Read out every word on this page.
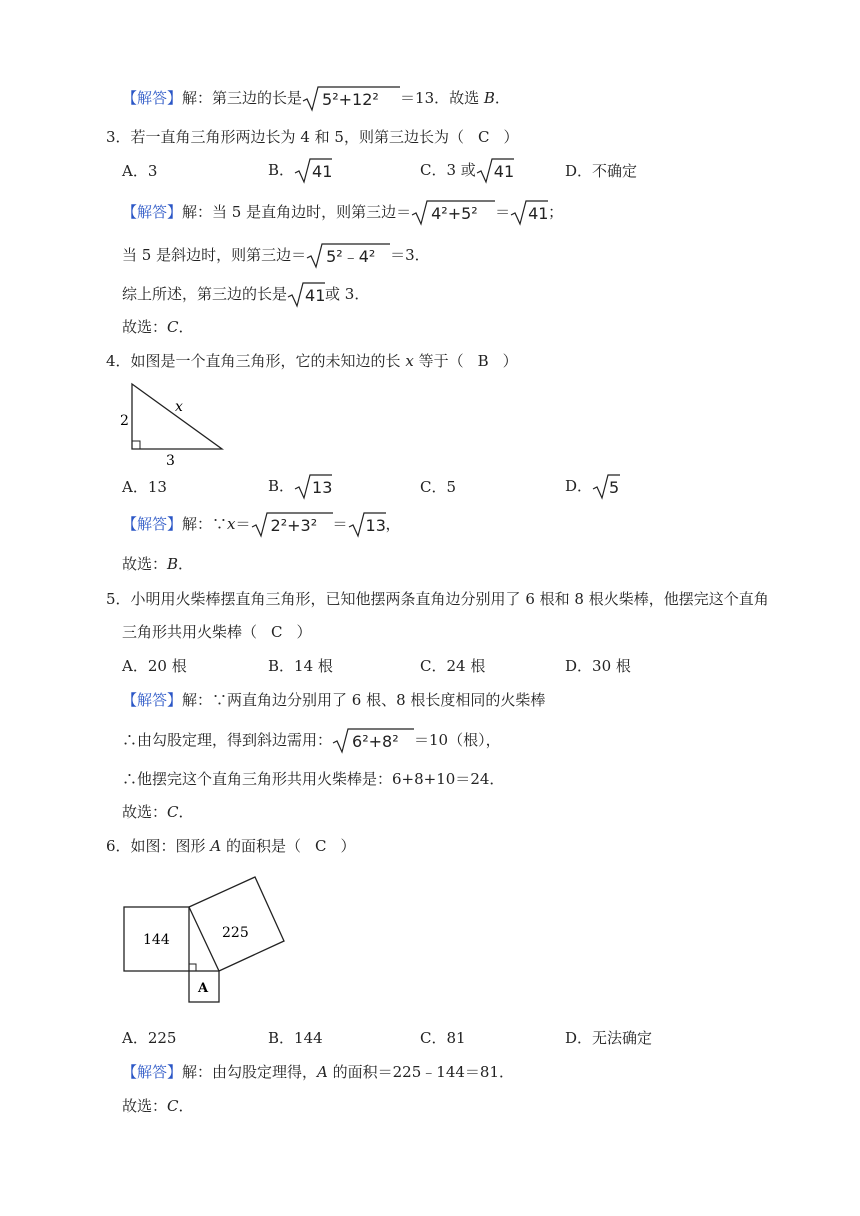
【解答】解：第三边的长是 5²+12² ＝13．故选 B．
3．若一直角三角形两边长为 4 和 5，则第三边长为（ C ）
A．3	B． 41	C．3 或 41	D．不确定
【解答】解：当 5 是直角边时，则第三边＝ 4²+5² ＝ 41 ；
当 5 是斜边时，则第三边＝ 5²﹣4² ＝3．
综上所述，第三边的长是 41 或 3．
故选：C．
4．如图是一个直角三角形，它的未知边的长 x 等于（ B ）
2
3
x
A．13	B． 13	C．5	D． 5
【解答】解：∵x＝ 2²+3² ＝ 13 ，
故选：B．
5．小明用火柴棒摆直角三角形，已知他摆两条直角边分别用了 6 根和 8 根火柴棒，他摆完这个直角
三角形共用火柴棒（ C ）
A．20 根	B．14 根	C．24 根	D．30 根
【解答】解：∵两直角边分别用了 6 根、8 根长度相同的火柴棒
∴由勾股定理，得到斜边需用： 6²+8² ＝10（根），
∴他摆完这个直角三角形共用火柴棒是：6+8+10＝24．
故选：C．
6．如图：图形 A 的面积是（ C ）
144	225
A
A．225	B．144	C．81	D．无法确定
【解答】解：由勾股定理得，A 的面积＝225﹣144＝81．
故选：C．
